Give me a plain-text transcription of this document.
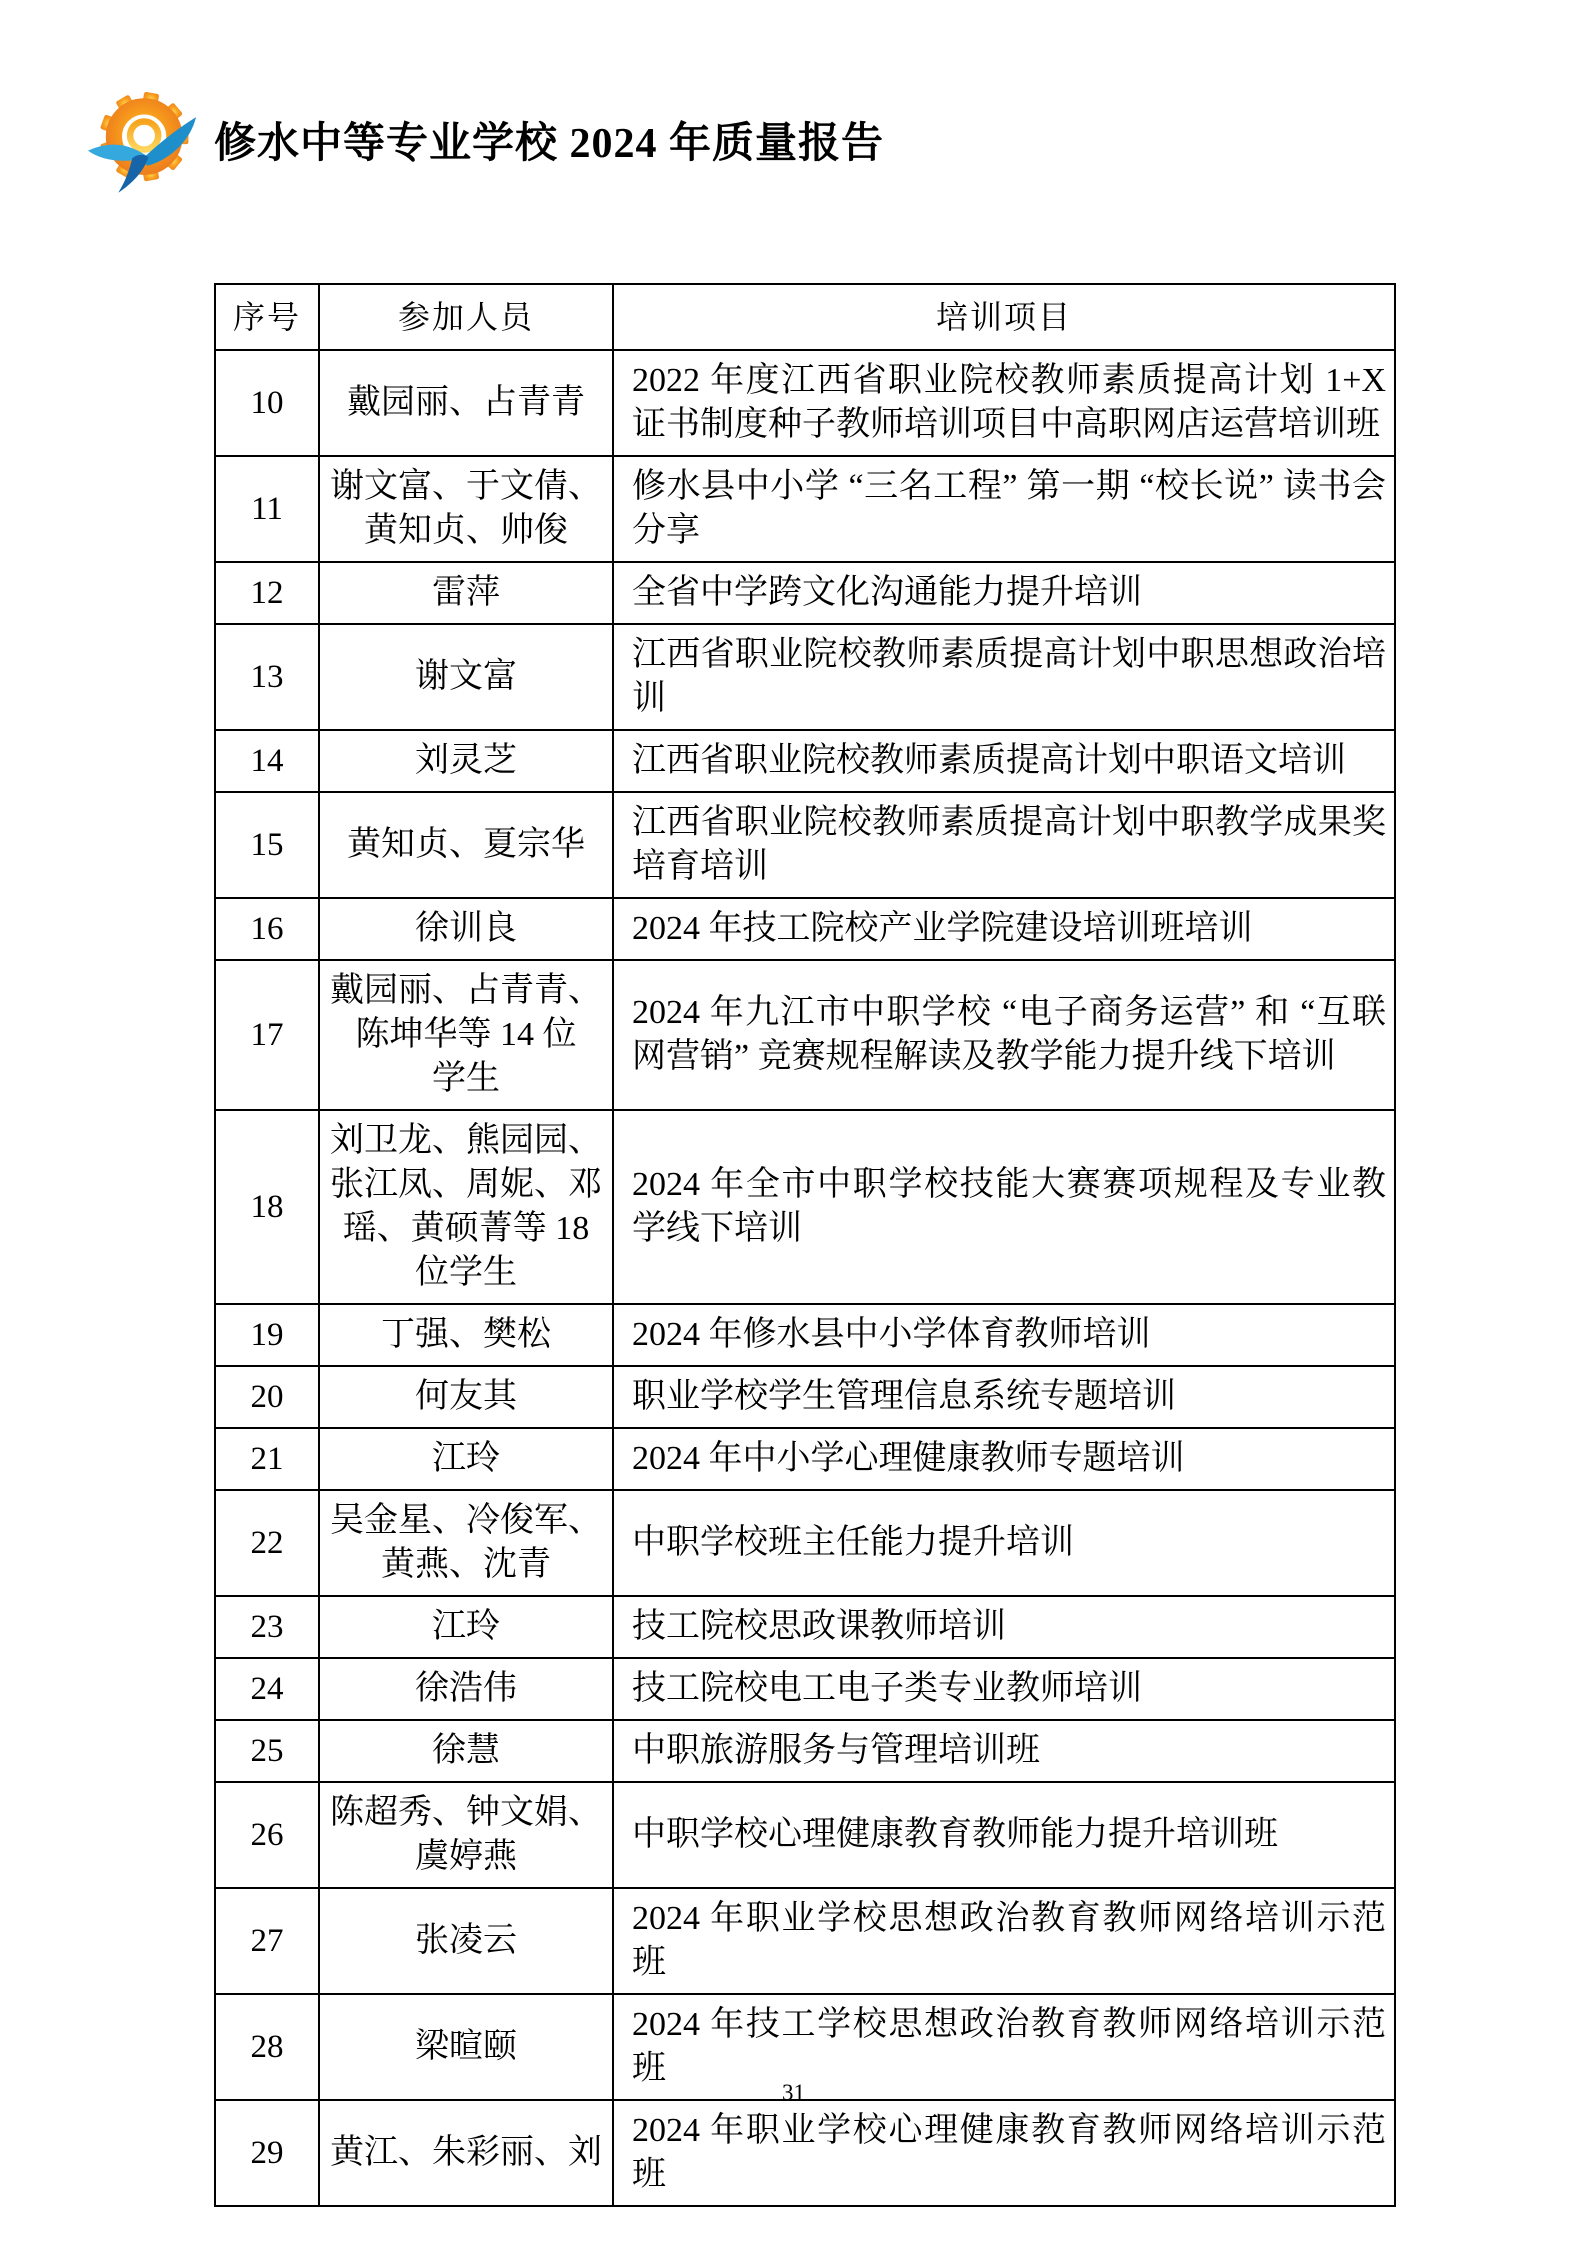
修水中等专业学校 2024 年质量报告
序号	参加人员	培训项目
10	戴园丽、占青青	2022 年度江西省职业院校教师素质提高计划 1+X 证书制度种子教师培训项目中高职网店运营培训班
11	谢文富、于文倩、
黄知贞、帅俊	修水县中小学 “三名工程” 第一期 “校长说” 读书会分享
12	雷萍	全省中学跨文化沟通能力提升培训
13	谢文富	江西省职业院校教师素质提高计划中职思想政治培训
14	刘灵芝	江西省职业院校教师素质提高计划中职语文培训
15	黄知贞、夏宗华	江西省职业院校教师素质提高计划中职教学成果奖培育培训
16	徐训良	2024 年技工院校产业学院建设培训班培训
17	戴园丽、占青青、
陈坤华等 14 位
学生	2024 年九江市中职学校 “电子商务运营” 和 “互联网营销” 竞赛规程解读及教学能力提升线下培训
18	刘卫龙、熊园园、
张江凤、周妮、邓
瑶、黄硕菁等 18
位学生	2024 年全市中职学校技能大赛赛项规程及专业教学线下培训
19	丁强、樊松	2024 年修水县中小学体育教师培训
20	何友其	职业学校学生管理信息系统专题培训
21	江玲	2024 年中小学心理健康教师专题培训
22	吴金星、冷俊军、
黄燕、沈青	中职学校班主任能力提升培训
23	江玲	技工院校思政课教师培训
24	徐浩伟	技工院校电工电子类专业教师培训
25	徐慧	中职旅游服务与管理培训班
26	陈超秀、钟文娟、
虞婷燕	中职学校心理健康教育教师能力提升培训班
27	张凌云	2024 年职业学校思想政治教育教师网络培训示范班
28	梁暄颐	2024 年技工学校思想政治教育教师网络培训示范班
29	黄江、朱彩丽、刘	2024 年职业学校心理健康教育教师网络培训示范班
31
